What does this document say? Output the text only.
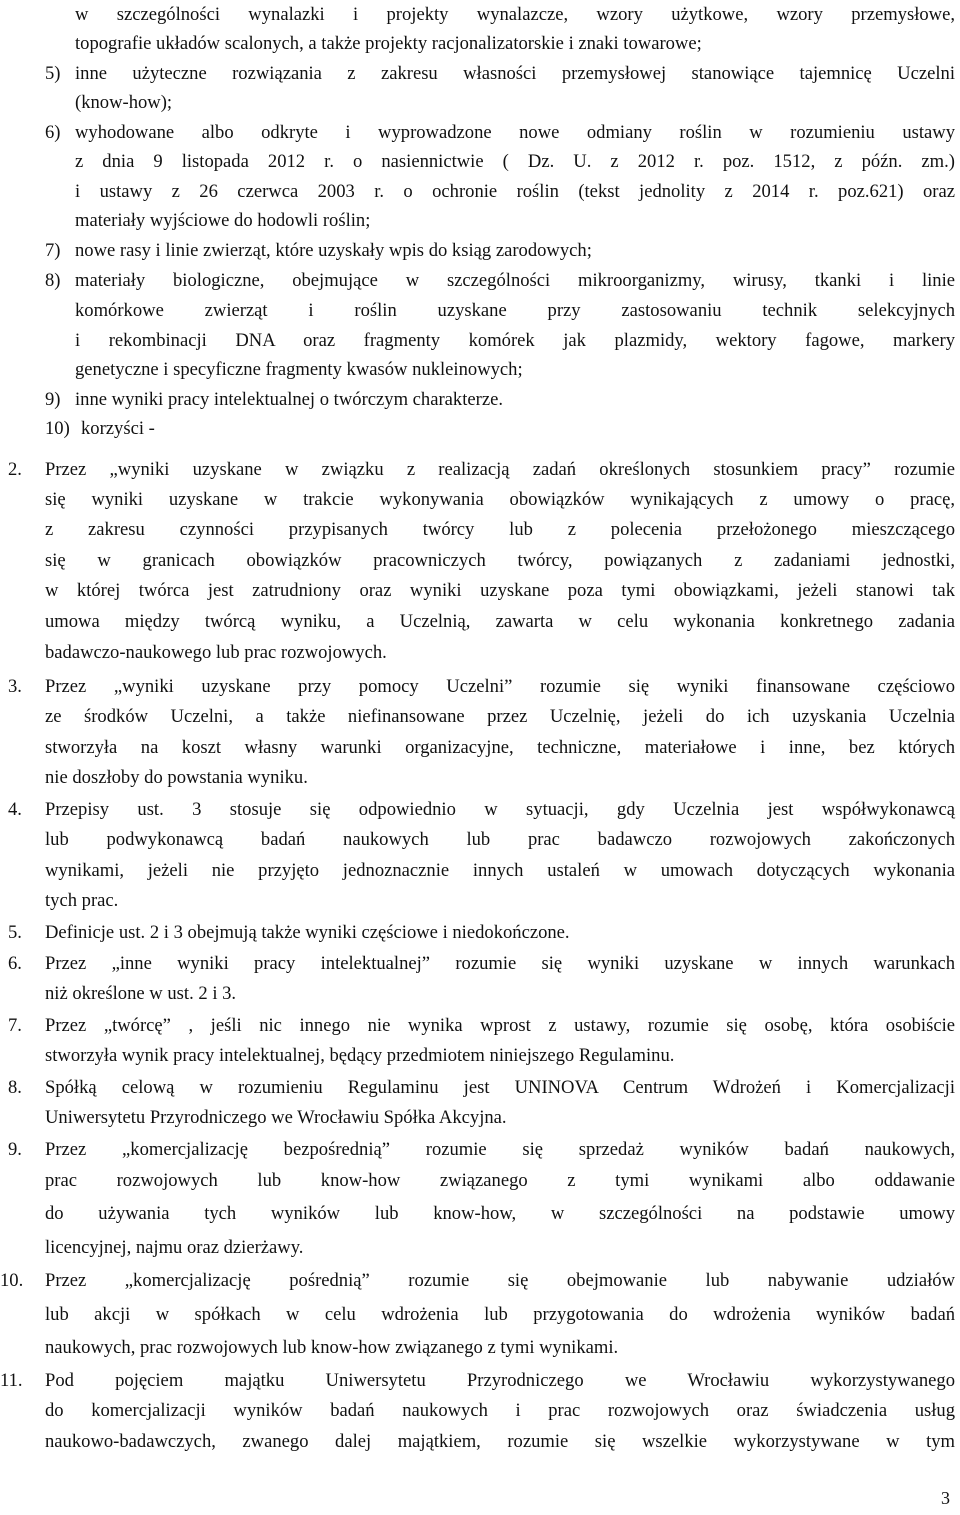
w szczególności wynalazki i projekty wynalazcze, wzory użytkowe, wzory przemysłowe,
topografie układów scalonych, a także projekty racjonalizatorskie i znaki towarowe;
5) inne użyteczne rozwiązania z zakresu własności przemysłowej stanowiące tajemnicę Uczelni
(know-how);
6) wyhodowane albo odkryte i wyprowadzone nowe odmiany roślin w rozumieniu ustawy
z dnia 9 listopada 2012 r. o nasiennictwie ( Dz. U. z 2012 r. poz. 1512, z późn. zm.)
i ustawy z 26 czerwca 2003 r. o ochronie roślin (tekst jednolity z 2014 r. poz.621) oraz
materiały wyjściowe do hodowli roślin;
7) nowe rasy i linie zwierząt, które uzyskały wpis do ksiąg zarodowych;
8) materiały biologiczne, obejmujące w szczególności mikroorganizmy, wirusy, tkanki i linie
komórkowe zwierząt i roślin uzyskane przy zastosowaniu technik selekcyjnych
i rekombinacji DNA oraz fragmenty komórek jak plazmidy, wektory fagowe, markery
genetyczne i specyficzne fragmenty kwasów nukleinowych;
9) inne wyniki pracy intelektualnej o twórczym charakterze.
10) korzyści -
2. Przez „wyniki uzyskane w związku z realizacją zadań określonych stosunkiem pracy” rozumie
się wyniki uzyskane w trakcie wykonywania obowiązków wynikających z umowy o pracę,
z zakresu czynności przypisanych twórcy lub z polecenia przełożonego mieszczącego
się w granicach obowiązków pracowniczych twórcy, powiązanych z zadaniami jednostki,
w której twórca jest zatrudniony oraz wyniki uzyskane poza tymi obowiązkami, jeżeli stanowi tak
umowa między twórcą wyniku, a Uczelnią, zawarta w celu wykonania konkretnego zadania
badawczo-naukowego lub prac rozwojowych.
3. Przez „wyniki uzyskane przy pomocy Uczelni” rozumie się wyniki finansowane częściowo
ze środków Uczelni, a także niefinansowane przez Uczelnię, jeżeli do ich uzyskania Uczelnia
stworzyła na koszt własny warunki organizacyjne, techniczne, materiałowe i inne, bez których
nie doszłoby do powstania wyniku.
4. Przepisy ust. 3 stosuje się odpowiednio w sytuacji, gdy Uczelnia jest współwykonawcą
lub podwykonawcą badań naukowych lub prac badawczo rozwojowych zakończonych
wynikami, jeżeli nie przyjęto jednoznacznie innych ustaleń w umowach dotyczących wykonania
tych prac.
5. Definicje ust. 2 i 3 obejmują także wyniki częściowe i niedokończone.
6. Przez „inne wyniki pracy intelektualnej” rozumie się wyniki uzyskane w innych warunkach
niż określone w ust. 2 i 3.
7. Przez „twórcę” , jeśli nic innego nie wynika wprost z ustawy, rozumie się osobę, która osobiście
stworzyła wynik pracy intelektualnej, będący przedmiotem niniejszego Regulaminu.
8. Spółką celową w rozumieniu Regulaminu jest UNINOVA Centrum Wdrożeń i Komercjalizacji
Uniwersytetu Przyrodniczego we Wrocławiu Spółka Akcyjna.
9. Przez „komercjalizację bezpośrednią” rozumie się sprzedaż wyników badań naukowych,
prac rozwojowych lub know-how związanego z tymi wynikami albo oddawanie
do używania tych wyników lub know-how, w szczególności na podstawie umowy
licencyjnej, najmu oraz dzierżawy.
10. Przez „komercjalizację pośrednią” rozumie się obejmowanie lub nabywanie udziałów
lub akcji w spółkach w celu wdrożenia lub przygotowania do wdrożenia wyników badań
naukowych, prac rozwojowych lub know-how związanego z tymi wynikami.
11. Pod pojęciem majątku Uniwersytetu Przyrodniczego we Wrocławiu wykorzystywanego
do komercjalizacji wyników badań naukowych i prac rozwojowych oraz świadczenia usług
naukowo-badawczych, zwanego dalej majątkiem, rozumie się wszelkie wykorzystywane w tym
3
